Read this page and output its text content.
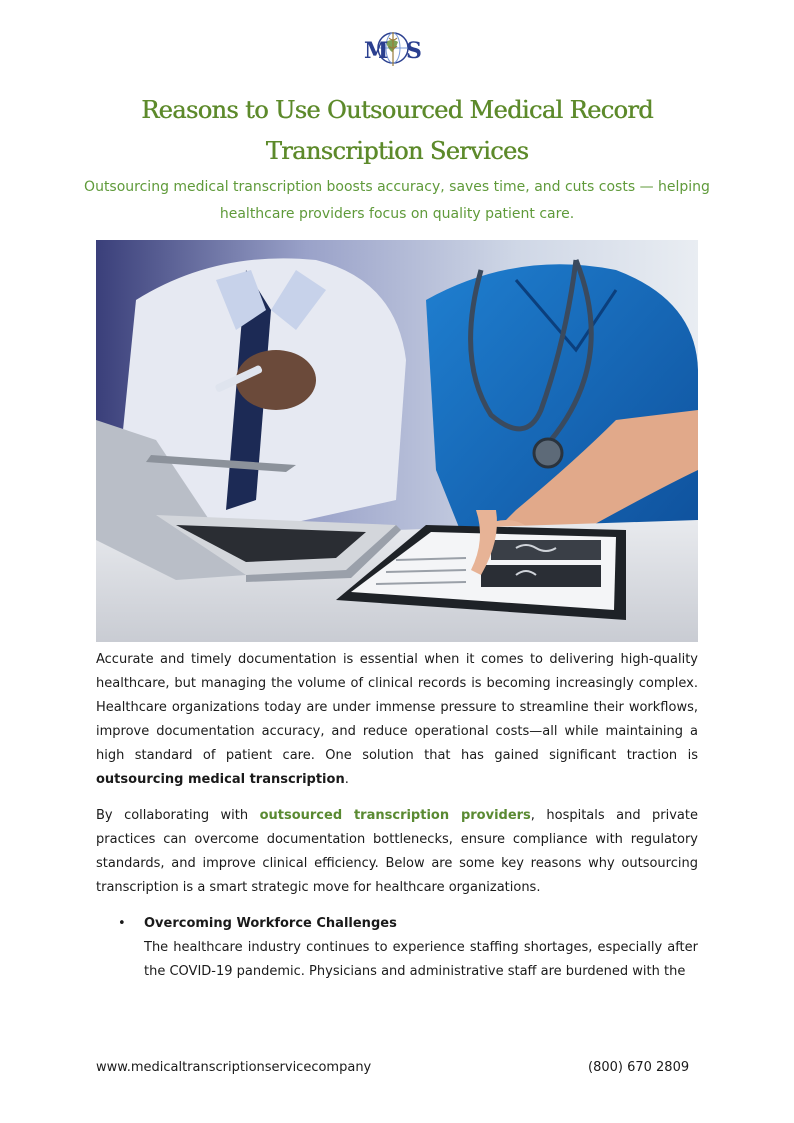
M S
Reasons to Use Outsourced Medical Record Transcription Services

Outsourcing medical transcription boosts accuracy, saves time, and cuts costs — helping healthcare providers focus on quality patient care.

Accurate and timely documentation is essential when it comes to delivering high-quality healthcare, but managing the volume of clinical records is becoming increasingly complex. Healthcare organizations today are under immense pressure to streamline their workflows, improve documentation accuracy, and reduce operational costs—all while maintaining a high standard of patient care. One solution that has gained significant traction is outsourcing medical transcription.

By collaborating with outsourced transcription providers, hospitals and private practices can overcome documentation bottlenecks, ensure compliance with regulatory standards, and improve clinical efficiency. Below are some key reasons why outsourcing transcription is a smart strategic move for healthcare organizations.

• Overcoming Workforce Challenges

The healthcare industry continues to experience staffing shortages, especially after the COVID-19 pandemic. Physicians and administrative staff are burdened with the

www.medicaltranscriptionservicecompany	(800) 670 2809
